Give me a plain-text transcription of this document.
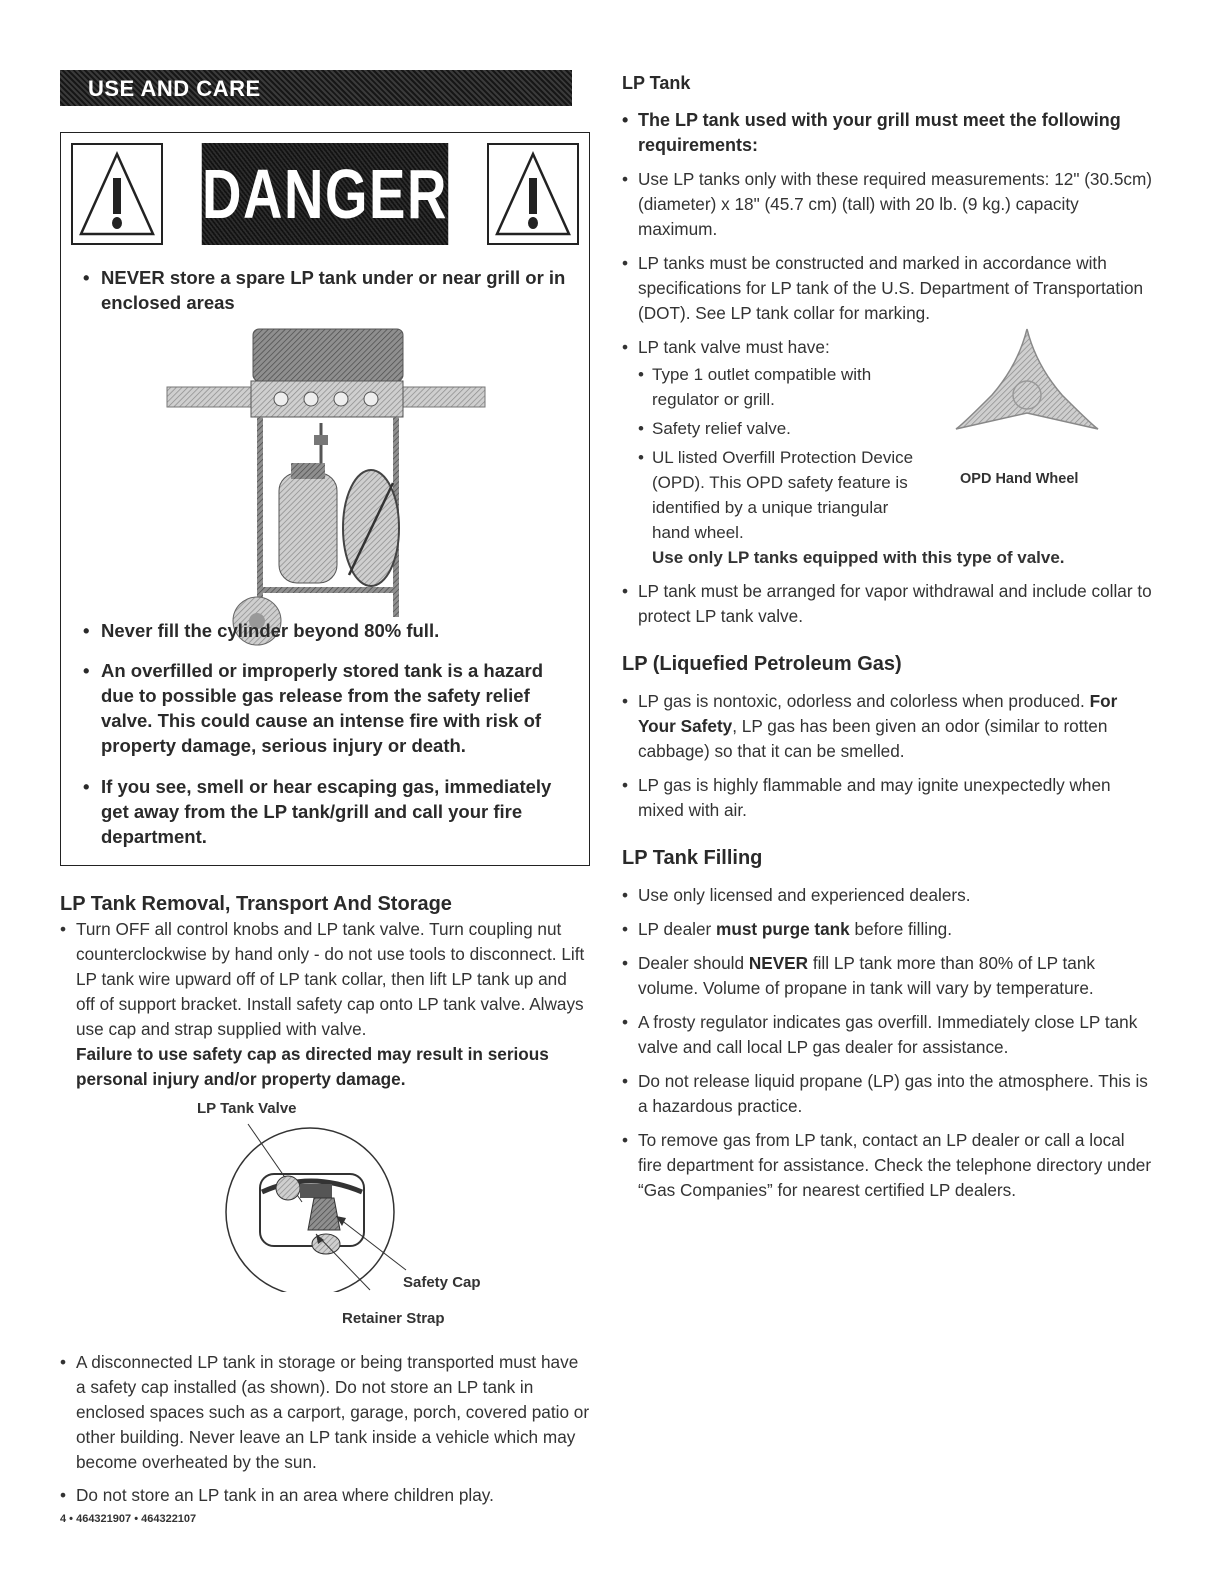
USE AND CARE
DANGER
• NEVER store a spare LP tank under or near grill or in enclosed areas
• Never fill the cylinder beyond 80% full.
• An overfilled or improperly stored tank is a hazard due to possible gas release from the safety relief valve. This could cause an intense fire with risk of property damage, serious injury or death.
• If you see, smell or hear escaping gas, immediately get away from the LP tank/grill and call your fire department.
LP Tank Removal, Transport And Storage
• Turn OFF all control knobs and LP tank valve. Turn coupling nut counterclockwise by hand only - do not use tools to disconnect. Lift LP tank wire upward off of LP tank collar, then lift LP tank up and off of support bracket. Install safety cap onto LP tank valve. Always use cap and strap supplied with valve.
Failure to use safety cap as directed may result in serious personal injury and/or property damage.
LP Tank Valve
Safety Cap
Retainer Strap
• A disconnected LP tank in storage or being transported must have a safety cap installed (as shown). Do not store an LP tank in enclosed spaces such as a carport, garage, porch, covered patio or other building. Never leave an LP tank inside a vehicle which may become overheated by the sun.
• Do not store an LP tank in an area where children play.
LP Tank
• The LP tank used with your grill must meet the following requirements:
• Use LP tanks only with these required measurements: 12" (30.5cm) (diameter) x 18" (45.7 cm) (tall) with 20 lb. (9 kg.) capacity maximum.
• LP tanks must be constructed and marked in accordance with specifications for LP tank of the U.S. Department of Transportation (DOT). See LP tank collar for marking.
• LP tank valve must have:
• Type 1 outlet compatible with regulator or grill.
• Safety relief valve.
• UL listed Overfill Protection Device (OPD). This OPD safety feature is identified by a unique triangular hand wheel.
Use only LP tanks equipped with this type of valve.
OPD Hand Wheel
• LP tank must be arranged for vapor withdrawal and include collar to protect LP tank valve.
LP (Liquefied Petroleum Gas)
• LP gas is nontoxic, odorless and colorless when produced. For Your Safety, LP gas has been given an odor (similar to rotten cabbage) so that it can be smelled.
• LP gas is highly flammable and may ignite unexpectedly when mixed with air.
LP Tank Filling
• Use only licensed and experienced dealers.
• LP dealer must purge tank before filling.
• Dealer should NEVER fill LP tank more than 80% of LP tank volume. Volume of propane in tank will vary by temperature.
• A frosty regulator indicates gas overfill. Immediately close LP tank valve and call local LP gas dealer for assistance.
• Do not release liquid propane (LP) gas into the atmosphere. This is a hazardous practice.
• To remove gas from LP tank, contact an LP dealer or call a local fire department for assistance. Check the telephone directory under “Gas Companies” for nearest certified LP dealers.
4 • 464321907 • 464322107
